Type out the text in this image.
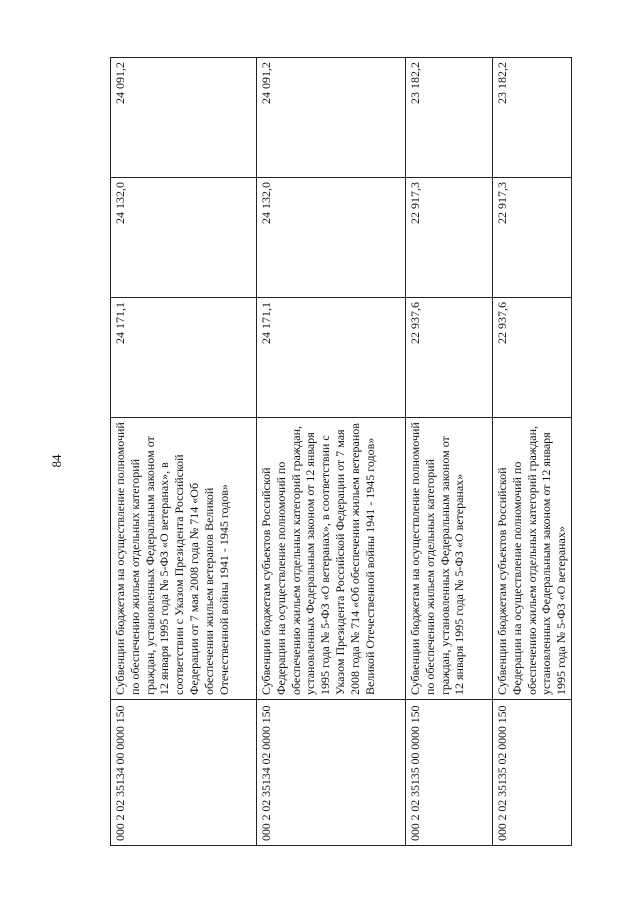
84
000 2 02 35134 00 0000 150	Субвенции бюджетам на осуществление полномочий по обеспечению жильем отдельных категорий граждан, установленных Федеральным законом от 12 января 1995 года № 5-ФЗ «О ветеранах», в соответствии с Указом Президента Российской Федерации от 7 мая 2008 года № 714 «Об обеспечении жильем ветеранов Великой Отечественной войны 1941 - 1945 годов»	24 171,1	24 132,0	24 091,2
000 2 02 35134 02 0000 150	Субвенции бюджетам субъектов Российской Федерации на осуществление полномочий по обеспечению жильем отдельных категорий граждан, установленных Федеральным законом от 12 января 1995 года № 5-ФЗ «О ветеранах», в соответствии с Указом Президента Российской Федерации от 7 мая 2008 года № 714 «Об обеспечении жильем ветеранов Великой Отечественной войны 1941 - 1945 годов»	24 171,1	24 132,0	24 091,2
000 2 02 35135 00 0000 150	Субвенции бюджетам на осуществление полномочий по обеспечению жильем отдельных категорий граждан, установленных Федеральным законом от 12 января 1995 года № 5-ФЗ «О ветеранах»	22 937,6	22 917,3	23 182,2
000 2 02 35135 02 0000 150	Субвенции бюджетам субъектов Российской Федерации на осуществление полномочий по обеспечению жильем отдельных категорий граждан, установленных Федеральным законом от 12 января 1995 года № 5-ФЗ «О ветеранах»	22 937,6	22 917,3	23 182,2
